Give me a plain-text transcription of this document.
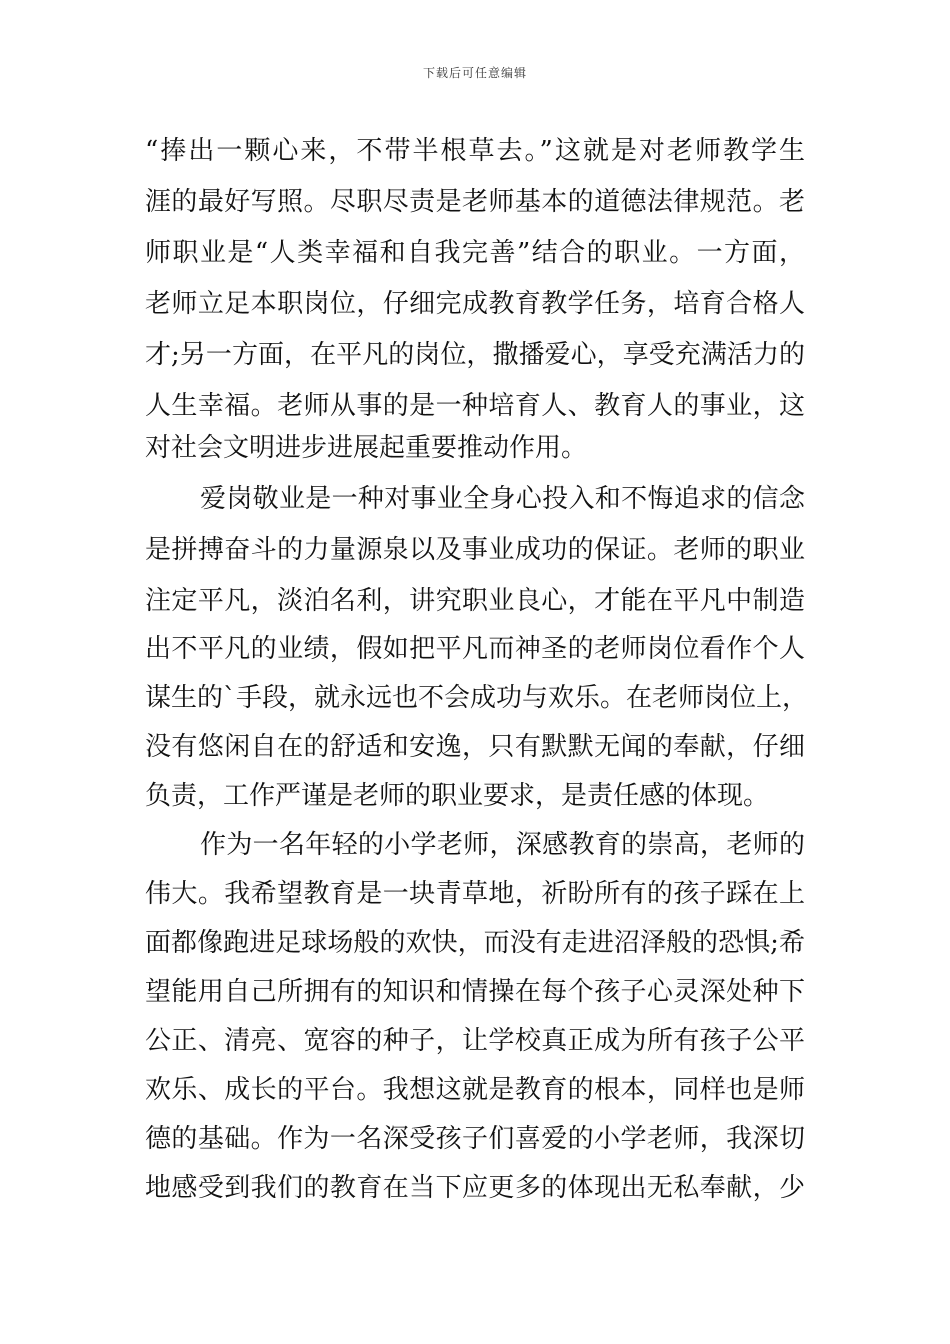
下载后可任意编辑
“捧出一颗心来，不带半根草去。”这就是对老师教学生
涯的最好写照。尽职尽责是老师基本的道德法律规范。老
师职业是“人类幸福和自我完善”结合的职业。一方面，
老师立足本职岗位，仔细完成教育教学任务，培育合格人
才;另一方面，在平凡的岗位，撒播爱心，享受充满活力的
人生幸福。老师从事的是一种培育人、教育人的事业，这
对社会文明进步进展起重要推动作用。
爱岗敬业是一种对事业全身心投入和不悔追求的信念
是拼搏奋斗的力量源泉以及事业成功的保证。老师的职业
注定平凡，淡泊名利，讲究职业良心，才能在平凡中制造
出不平凡的业绩，假如把平凡而神圣的老师岗位看作个人
谋生的`手段，就永远也不会成功与欢乐。在老师岗位上，
没有悠闲自在的舒适和安逸，只有默默无闻的奉献，仔细
负责，工作严谨是老师的职业要求，是责任感的体现。
作为一名年轻的小学老师，深感教育的崇高，老师的
伟大。我希望教育是一块青草地，祈盼所有的孩子踩在上
面都像跑进足球场般的欢快，而没有走进沼泽般的恐惧;希
望能用自己所拥有的知识和情操在每个孩子心灵深处种下
公正、清亮、宽容的种子，让学校真正成为所有孩子公平
欢乐、成长的平台。我想这就是教育的根本，同样也是师
德的基础。作为一名深受孩子们喜爱的小学老师，我深切
地感受到我们的教育在当下应更多的体现出无私奉献，少
